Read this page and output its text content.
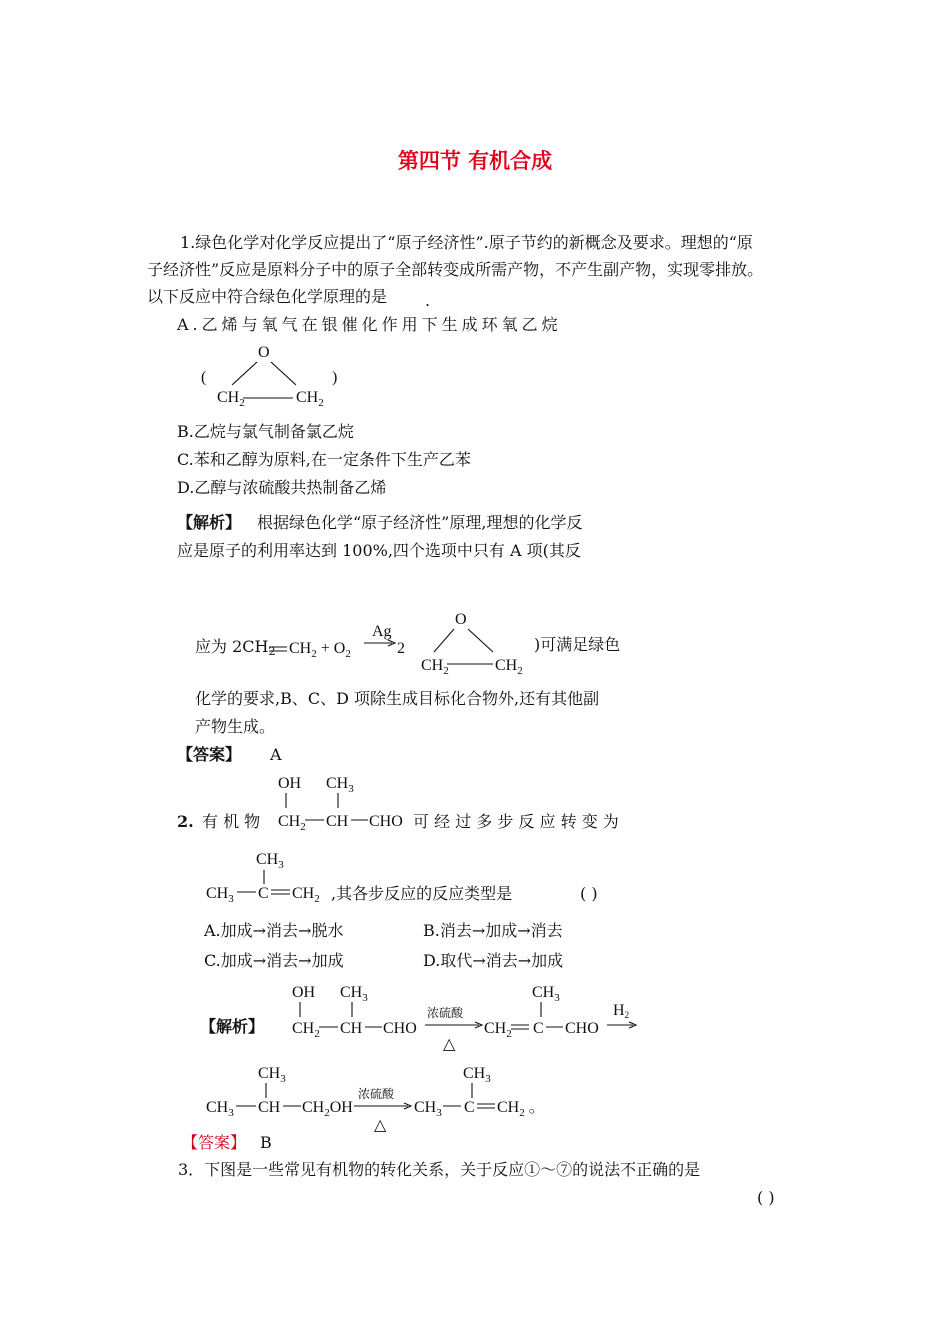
第四节 有机合成
1.绿色化学对化学反应提出了“原子经济性”.原子节约的新概念及要求。理想的“原
子经济性”反应是原料分子中的原子全部转变成所需产物，不产生副产物，实现零排放。
以下反应中符合绿色化学原理的是 .
A.乙烯与氧气在银催化作用下生成环氧乙烷
(
O
$CH_2$	$CH_2$
)
B.乙烷与氯气制备氯乙烷
C.苯和乙醇为原料,在一定条件下生产乙苯
D.乙醇与浓硫酸共热制备乙烯
【解析】 根据绿色化学“原子经济性”原理,理想的化学反
应是原子的利用率达到 100%,四个选项中只有 A 项(其反
应为 $2CH_2$ $CH_2 + O_2$
Ag
2
O
$CH_2$	$CH_2$
)可满足绿色
化学的要求,B、C、D 项除生成目标化合物外,还有其他副
产物生成。
【答案】 A
2. 有 机 物
OH $CH_3$
$CH_2$ CH CHO 可 经 过 多 步 反 应 转 变 为
$CH_3$
$CH_3$ C $CH_2$ ,其各步反应的反应类型是	( )
A.加成→消去→脱水	B.消去→加成→消去
C.加成→消去→加成	D.取代→消去→加成
【解析】
OH $CH_3$
$CH_2$ CH CHO
浓硫酸
△
$CH_2$
$CH_3$
C CHO
H2
$CH_3$
$CH_3$ CH $CH_2OH$
浓硫酸
△
$CH_3$
$CH_3$
C $CH_2$ 。
【答案】 B
3．下图是一些常见有机物的转化关系，关于反应①～⑦的说法不正确的是
( )
